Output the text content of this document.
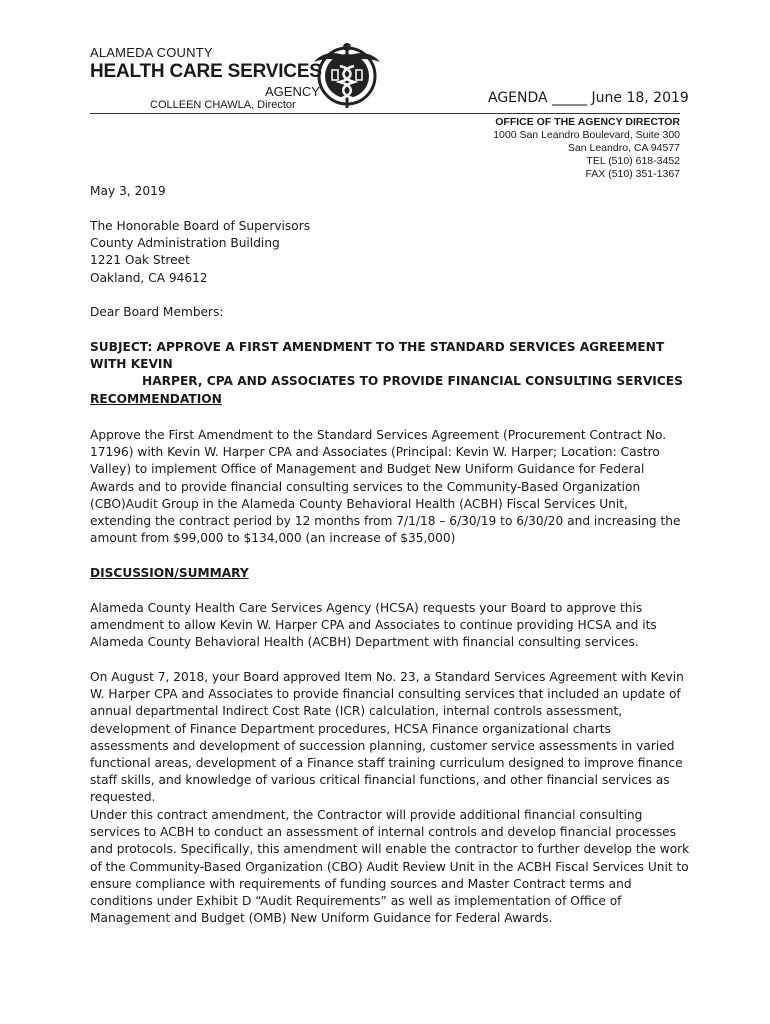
ALAMEDA COUNTY
HEALTH CARE SERVICES
AGENCY
COLLEEN CHAWLA, Director	AGENDA _____ June 18, 2019
OFFICE OF THE AGENCY DIRECTOR
1000 San Leandro Boulevard, Suite 300
San Leandro, CA 94577
TEL (510) 618-3452
FAX (510) 351-1367
May 3, 2019
The Honorable Board of Supervisors
County Administration Building
1221 Oak Street
Oakland, CA 94612
Dear Board Members:
SUBJECT: APPROVE A FIRST AMENDMENT TO THE STANDARD SERVICES AGREEMENT WITH KEVIN
HARPER, CPA AND ASSOCIATES TO PROVIDE FINANCIAL CONSULTING SERVICES
RECOMMENDATION

Approve the First Amendment to the Standard Services Agreement (Procurement Contract No. 17196) with Kevin W. Harper CPA and Associates (Principal: Kevin W. Harper; Location: Castro Valley) to implement Office of Management and Budget New Uniform Guidance for Federal Awards and to provide financial consulting services to the Community-Based Organization (CBO)Audit Group in the Alameda County Behavioral Health (ACBH) Fiscal Services Unit, extending the contract period by 12 months from 7/1/18 – 6/30/19 to 6/30/20 and increasing the amount from $99,000 to $134,000 (an increase of $35,000)

DISCUSSION/SUMMARY

Alameda County Health Care Services Agency (HCSA) requests your Board to approve this amendment to allow Kevin W. Harper CPA and Associates to continue providing HCSA and its Alameda County Behavioral Health (ACBH) Department with financial consulting services.

On August 7, 2018, your Board approved Item No. 23, a Standard Services Agreement with Kevin W. Harper CPA and Associates to provide financial consulting services that included an update of annual departmental Indirect Cost Rate (ICR) calculation, internal controls assessment, development of Finance Department procedures, HCSA Finance organizational charts assessments and development of succession planning, customer service assessments in varied functional areas, development of a Finance staff training curriculum designed to improve finance staff skills, and knowledge of various critical financial functions, and other financial services as requested.

Under this contract amendment, the Contractor will provide additional financial consulting services to ACBH to conduct an assessment of internal controls and develop financial processes and protocols. Specifically, this amendment will enable the contractor to further develop the work of the Community-Based Organization (CBO) Audit Review Unit in the ACBH Fiscal Services Unit to ensure compliance with requirements of funding sources and Master Contract terms and conditions under Exhibit D “Audit Requirements” as well as implementation of Office of Management and Budget (OMB) New Uniform Guidance for Federal Awards.
